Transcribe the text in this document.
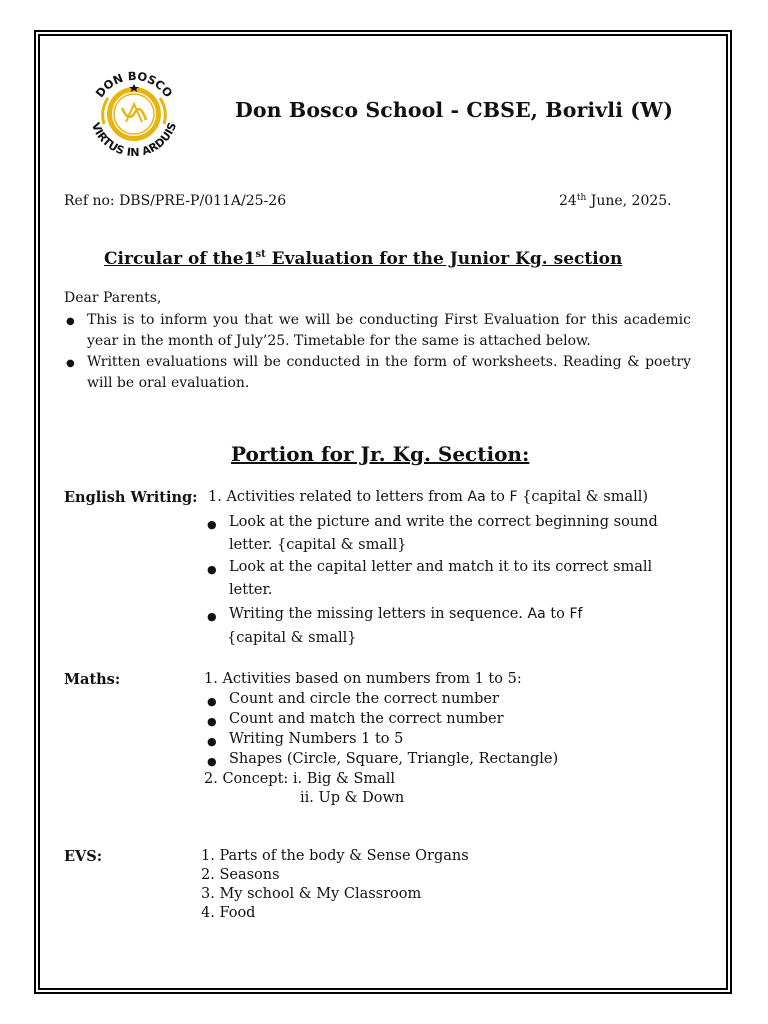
DON BOSCO
VIRTUS IN ARDUIS
Don Bosco School - CBSE, Borivli (W)
Ref no: DBS/PRE-P/011A/25-26	24th June, 2025.
Circular of the1st Evaluation for the Junior Kg. section
Dear Parents,
● This is to inform you that we will be conducting First Evaluation for this academic year in the month of July’25. Timetable for the same is attached below.
● Written evaluations will be conducted in the form of worksheets. Reading & poetry will be oral evaluation.
Portion for Jr. Kg. Section:
English Writing: 1. Activities related to letters from Aa to F {capital & small)
● Look at the picture and write the correct beginning sound
letter. {capital & small}
● Look at the capital letter and match it to its correct small
letter.
● Writing the missing letters in sequence. Aa to Ff
{capital & small}
Maths:	1. Activities based on numbers from 1 to 5:
● Count and circle the correct number
● Count and match the correct number
● Writing Numbers 1 to 5
● Shapes (Circle, Square, Triangle, Rectangle)
2. Concept: i. Big & Small
ii. Up & Down
EVS:	1. Parts of the body & Sense Organs
2. Seasons
3. My school & My Classroom
4. Food
